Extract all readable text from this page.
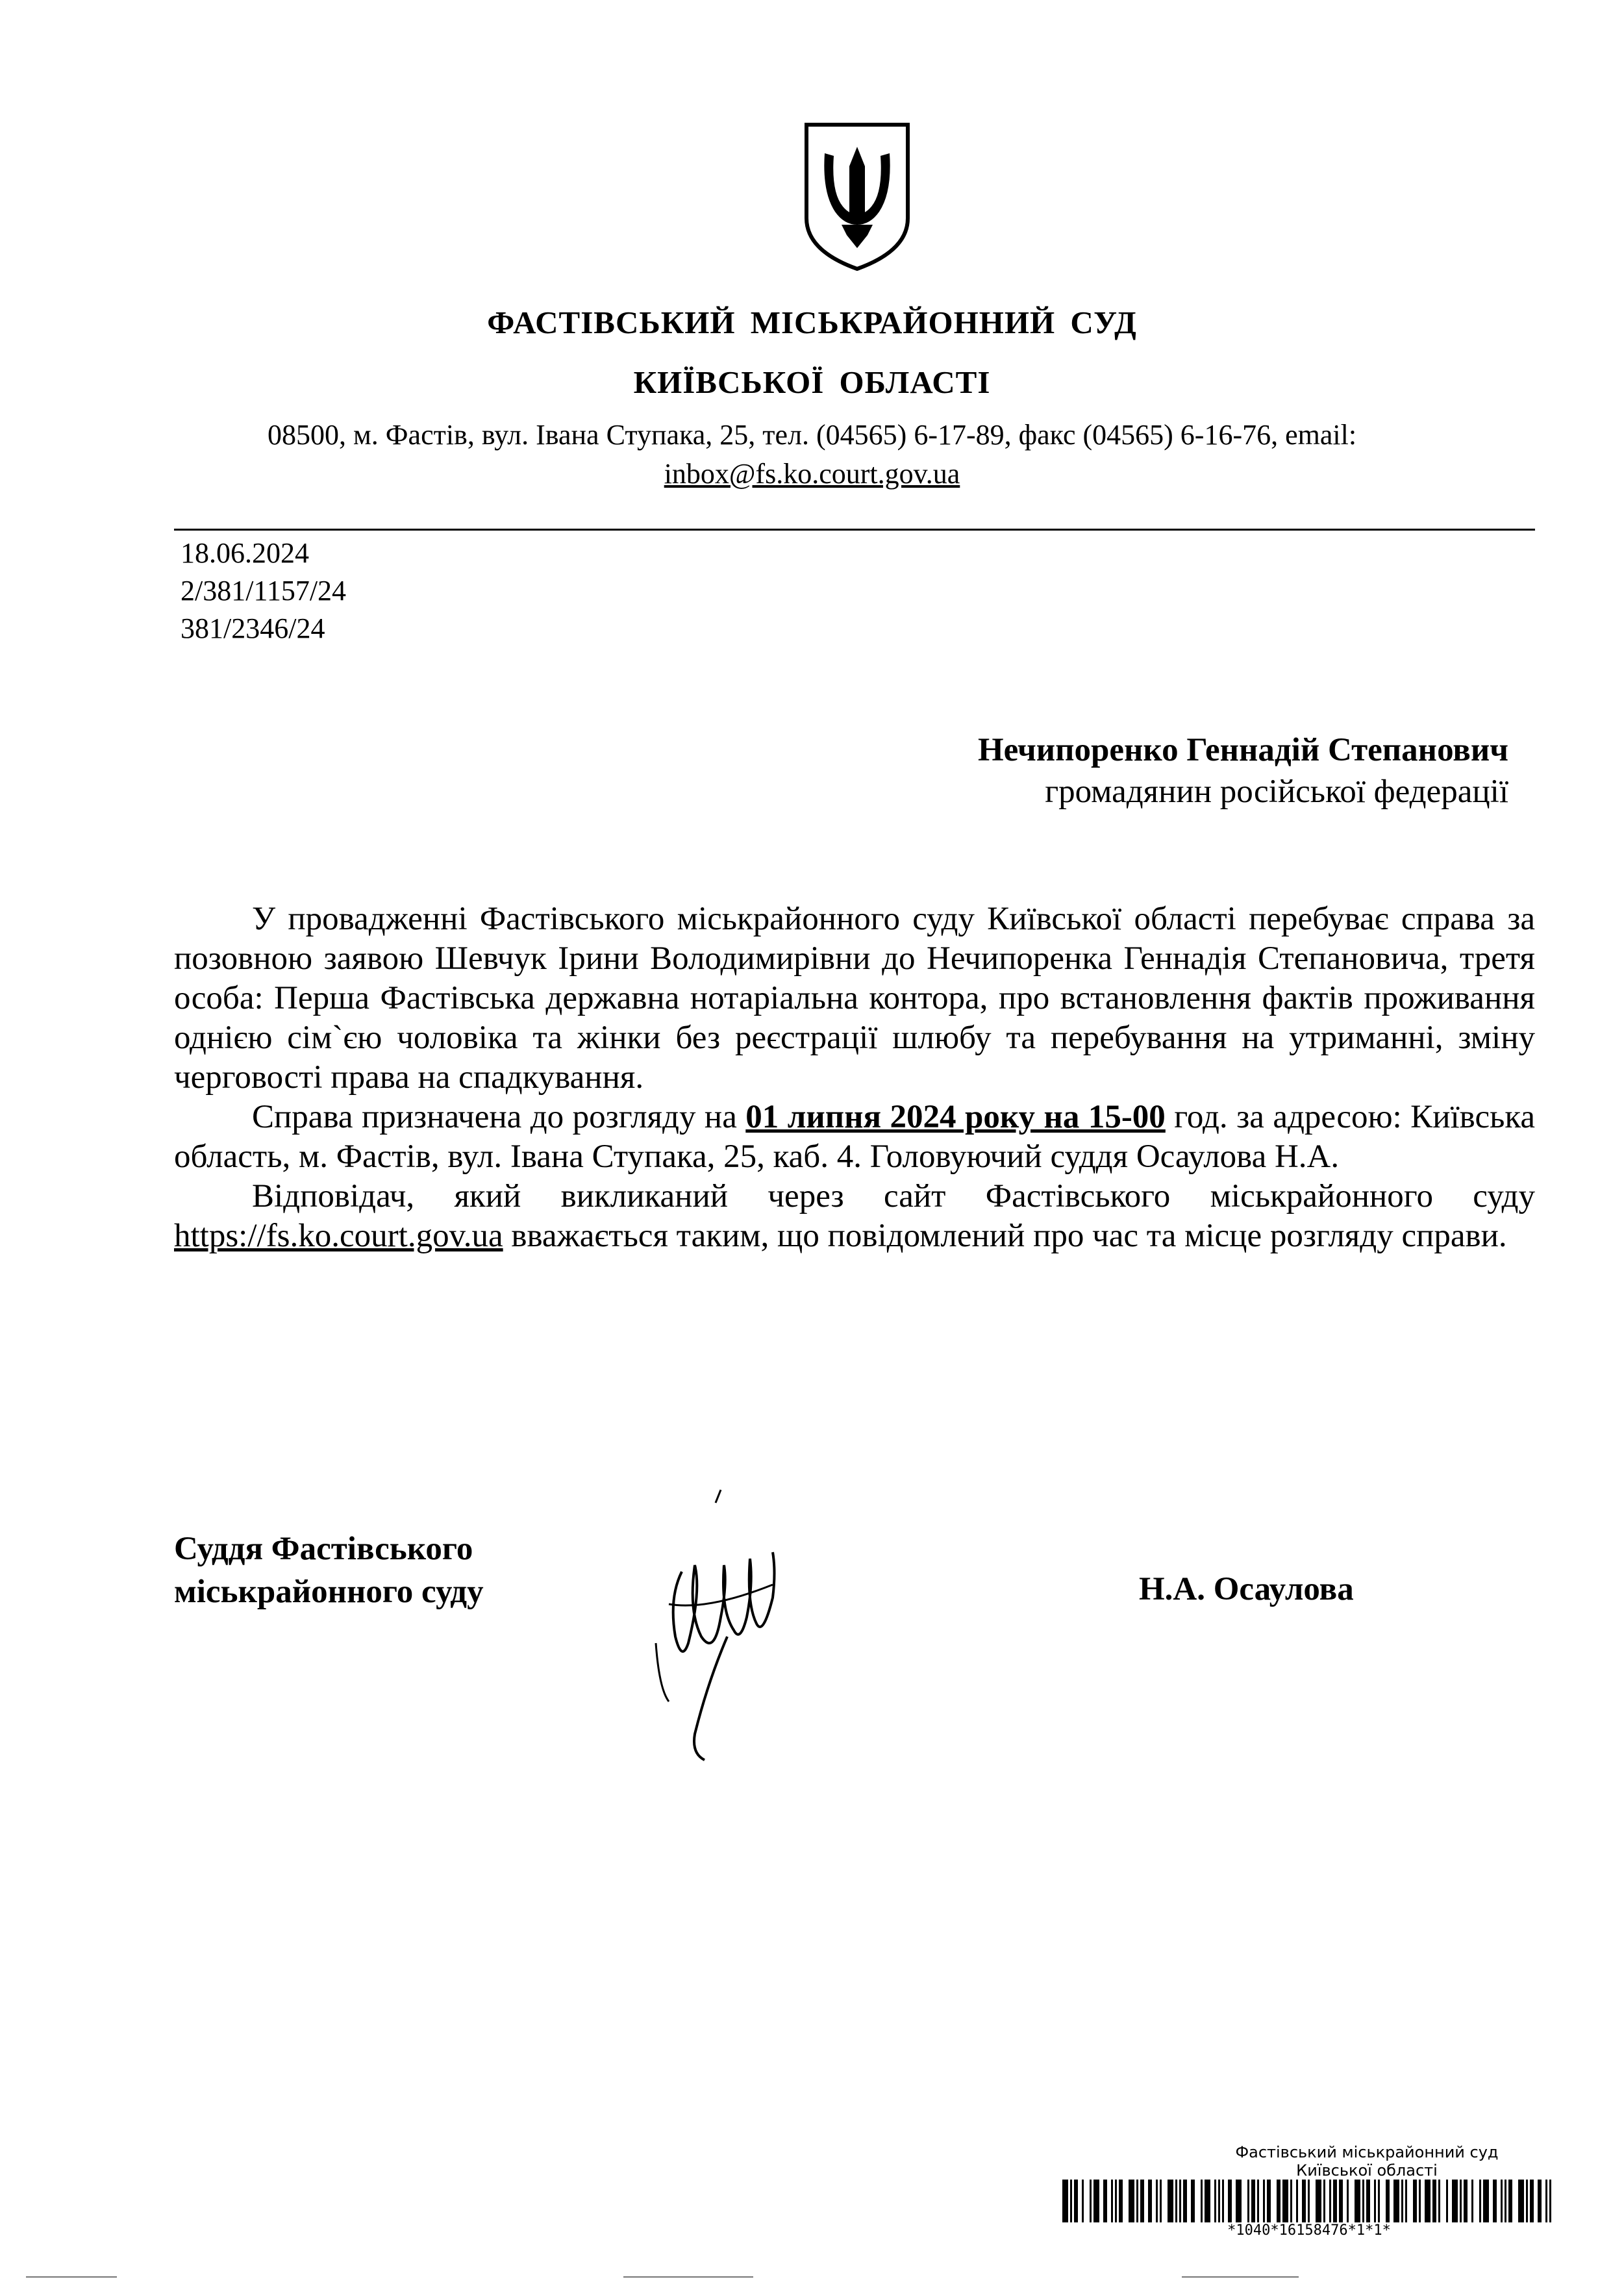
ФАСТІВСЬКИЙ МІСЬКРАЙОННИЙ СУД
КИЇВСЬКОЇ ОБЛАСТІ
08500, м. Фастів, вул. Івана Ступака, 25, тел. (04565) 6-17-89, факс (04565) 6-16-76, email:
inbox@fs.ko.court.gov.ua
18.06.2024
2/381/1157/24
381/2346/24
Нечипоренко Геннадій Степанович
громадянин російської федерації

У провадженні Фастівського міськрайонного суду Київської області перебуває справа за позовною заявою Шевчук Ірини Володимирівни до Нечипоренка Геннадія Степановича, третя особа: Перша Фастівська державна нотаріальна контора, про встановлення фактів проживання однією сім`єю чоловіка та жінки без реєстрації шлюбу та перебування на утриманні, зміну черговості права на спадкування.

Справа призначена до розгляду на 01 липня 2024 року на 15-00 год. за адресою: Київська область, м. Фастів, вул. Івана Ступака, 25, каб. 4. Головуючий суддя Осаулова Н.А.

Відповідач, який викликаний через сайт Фастівського міськрайонного суду https://fs.ko.court.gov.ua вважається таким, що повідомлений про час та місце розгляду справи.

Суддя Фастівського
міськрайонного суду	Н.А. Осаулова
Фастівський міськрайонний суд
Київської області
*1040*16158476*1*1*
